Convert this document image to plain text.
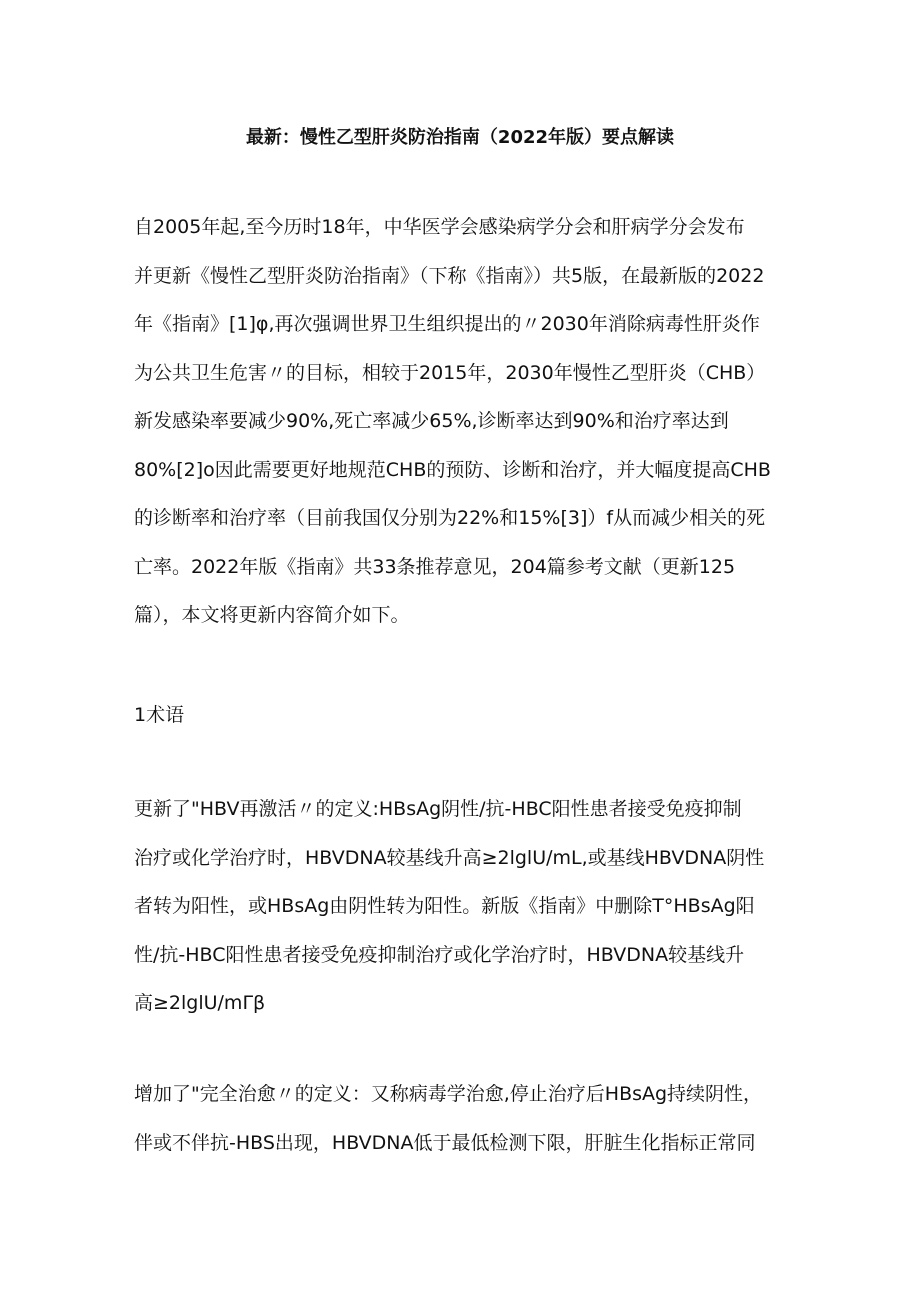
最新：慢性乙型肝炎防治指南（2022年版）要点解读
自2005年起,至今历时18年，中华医学会感染病学分会和肝病学分会发布
并更新《慢性乙型肝炎防治指南》（下称《指南》）共5版，在最新版的2022
年《指南》[1]φ,再次强调世界卫生组织提出的〃2030年消除病毒性肝炎作
为公共卫生危害〃的目标，相较于2015年，2030年慢性乙型肝炎（CHB）
新发感染率要减少90%,死亡率减少65%,诊断率达到90%和治疗率达到
80%[2]o因此需要更好地规范CHB的预防、诊断和治疗，并大幅度提高CHB
的诊断率和治疗率（目前我国仅分别为22%和15%[3]）f从而减少相关的死
亡率。2022年版《指南》共33条推荐意见，204篇参考文献（更新125
篇），本文将更新内容简介如下。
1术语
更新了"HBV再激活〃的定义:HBsAg阴性/抗-HBC阳性患者接受免疫抑制
治疗或化学治疗时，HBVDNA较基线升高≥2lglU∕mL,或基线HBVDNA阴性
者转为阳性，或HBsAg由阴性转为阳性。新版《指南》中删除T°HBsAg阳
性/抗-HBC阳性患者接受免疫抑制治疗或化学治疗时，HBVDNA较基线升
高≥2lglU∕mΓβ
增加了"完全治愈〃的定义：又称病毒学治愈,停止治疗后HBsAg持续阴性，
伴或不伴抗-HBS出现，HBVDNA低于最低检测下限，肝脏生化指标正常同
